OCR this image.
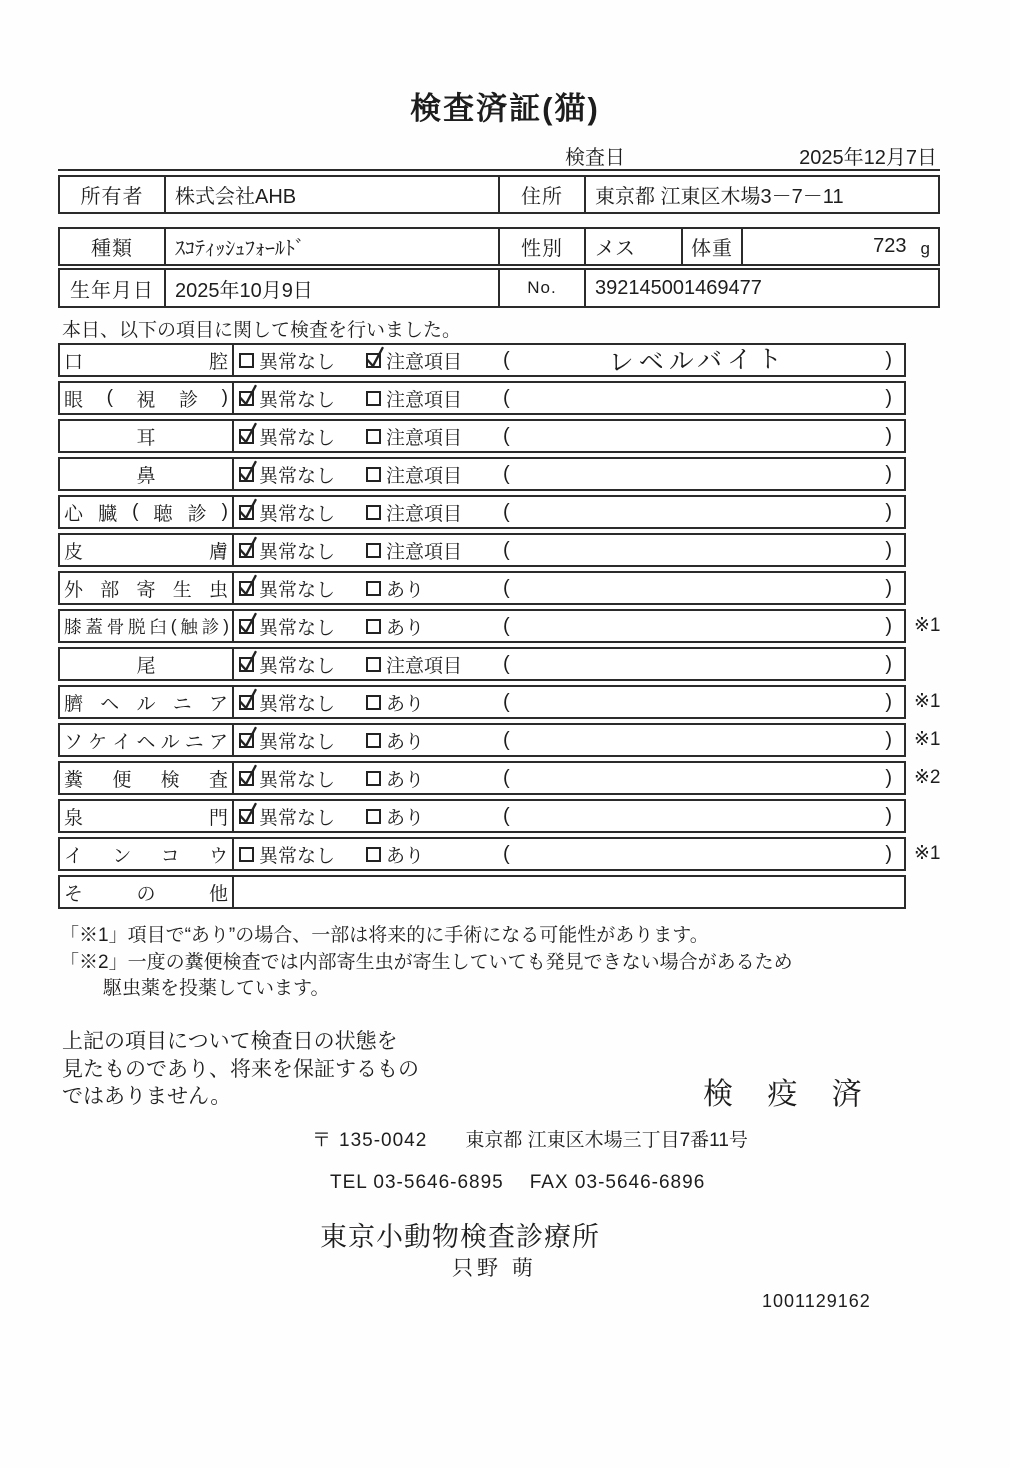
検査済証(猫)
検査日	2025年12月7日
所有者	株式会社AHB	住所	東京都 江東区木場3－7－11
種類	ｽｺﾃｨｯｼｭﾌｫｰﾙﾄﾞ	性別	メス	体重	723 g
生年月日	2025年10月9日	No.	392145001469477
本日、以下の項目に関して検査を行いました。
口	腔 異常なし	注意項目 (	レベルバイト	)
眼 ( 視 診 ) 異常なし	注意項目 (	)
耳	異常なし	注意項目 (	)
鼻	異常なし	注意項目 (	)
心 臓 ( 聴 診 ) 異常なし	注意項目 (	)
皮	膚 異常なし	注意項目 (	)
外 部 寄 生 虫 異常なし	あり	(	)
膝 蓋 骨 脱 臼 ( 触 診 ) 異常なし	あり	(	) ※1
尾	異常なし	注意項目 (	)
臍 ヘ ル ニ ア 異常なし	あり	(	) ※1
ソ ケ イ ヘ ル ニ ア 異常なし	あり	(	) ※1
糞 便 検 査 異常なし	あり	(	) ※2
泉	門 異常なし	あり	(	)
イ ン コ ウ 異常なし	あり	(	) ※1
そ	の	他
「※1」項目で“あり”の場合、一部は将来的に手術になる可能性があります。
「※2」一度の糞便検査では内部寄生虫が寄生していても発見できない場合があるため
駆虫薬を投薬しています。
上記の項目について検査日の状態を
見たものであり、将来を保証するもの
ではありません。	検 疫 済
〒 135-0042 東京都 江東区木場三丁目7番11号
TEL 03-5646-6895 FAX 03-5646-6896
東京小動物検査診療所
只野 萌
1001129162
